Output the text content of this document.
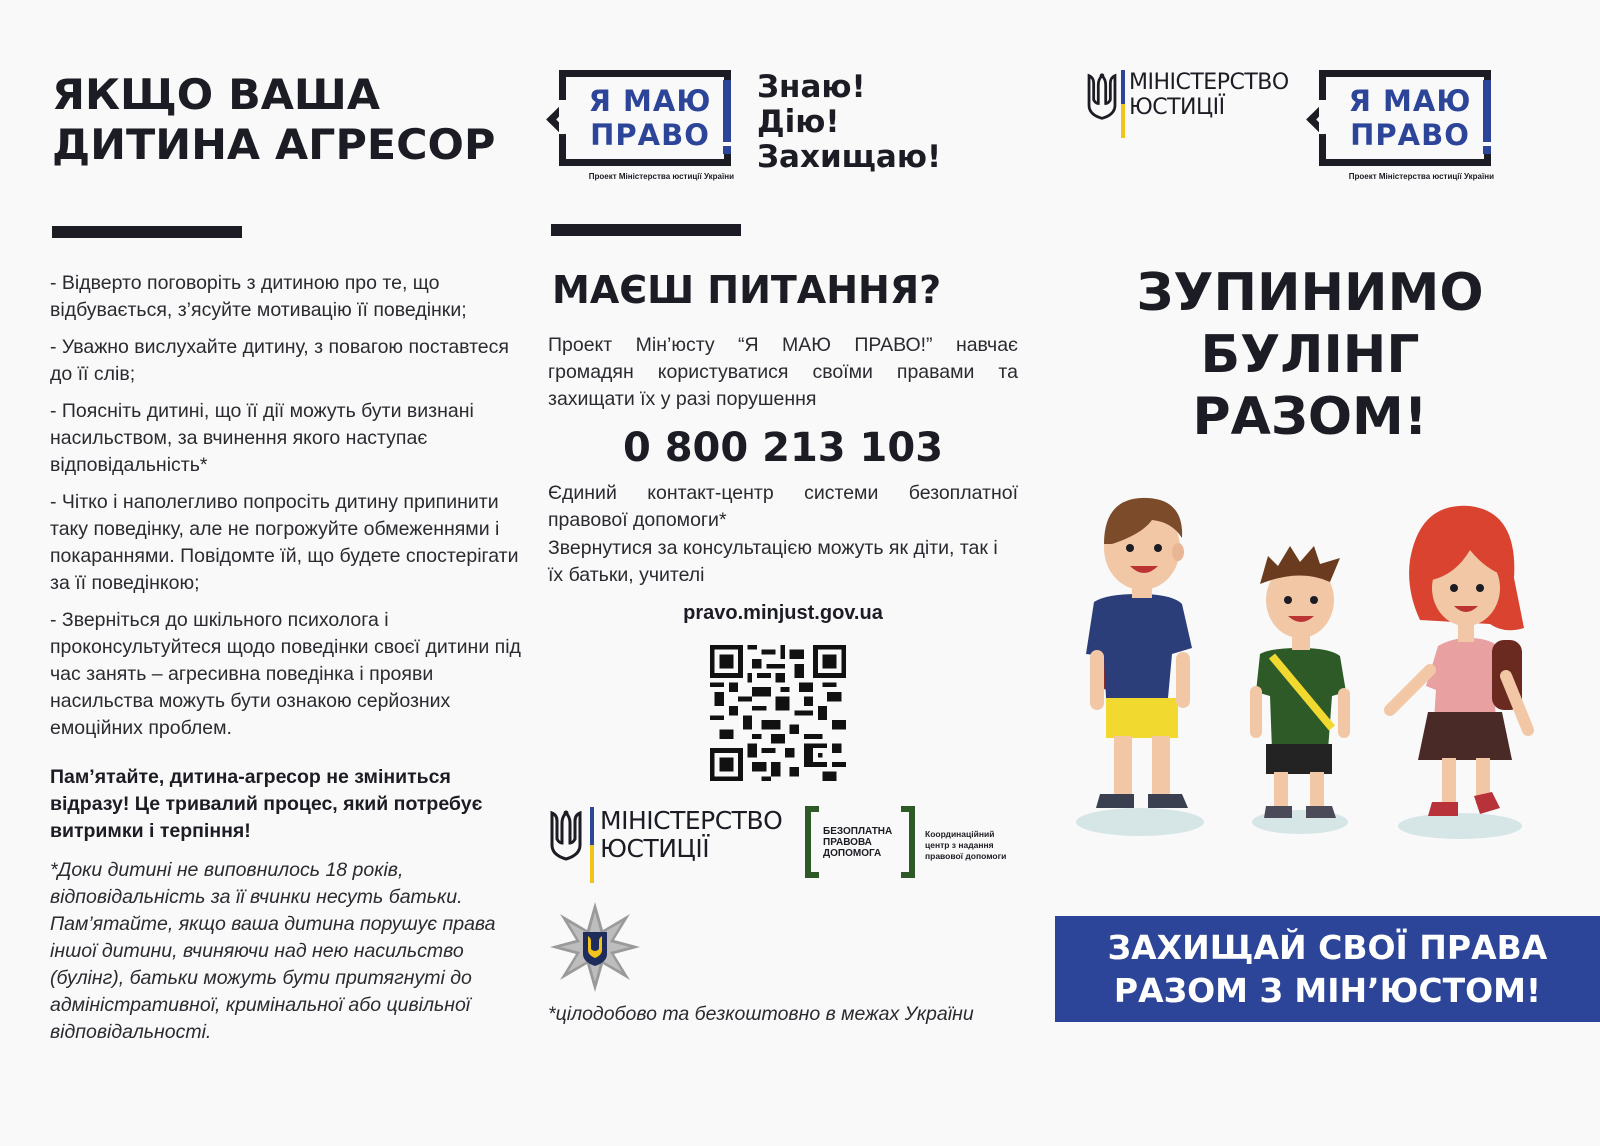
ЯКЩО ВАША
ДИТИНА АГРЕСОР
- Відверто поговоріть з дитиною про те, що відбувається, з’ясуйте мотивацію її поведінки;
- Уважно вислухайте дитину, з повагою поставтеся до її слів;
- Поясніть дитині, що її дії можуть бути визнані насильством, за вчинення якого наступає відповідальність*
- Чітко і наполегливо попросіть дитину припинити таку поведінку, але не погрожуйте обмеженнями і покараннями. Повідомте їй, що будете спостерігати за її поведінкою;
- Зверніться до шкільного психолога і проконсультуйтеся щодо поведінки своєї дитини під час занять – агресивна поведінка і прояви насильства можуть бути ознакою серйозних емоційних проблем.

Пам’ятайте, дитина-агресор не зміниться відразу! Це тривалий процес, який потребує витримки і терпіння!

*Доки дитині не виповнилось 18 років, відповідальність за її вчинки несуть батьки. Пам’ятайте, якщо ваша дитина порушує права іншої дитини, вчиняючи над нею насильство (булінг), батьки можуть бути притягнуті до адміністративної, кримінальної або цивільної відповідальності.

Я МАЮ
ПРАВО
Проект Міністерства юстиції України
Знаю!
Дію!
Захищаю!
МАЄШ ПИТАННЯ?

Проект Мін’юсту “Я МАЮ ПРАВО!” навчає громадян користуватися своїми правами та захищати їх у разі порушення

0 800 213 103

Єдиний контакт-центр системи безоплатної правової допомоги*

Звернутися за консультацією можуть як діти, так і їх батьки, учителі

pravo.minjust.gov.ua

МІНІСТЕРСТВО
ЮСТИЦІЇ
БЕЗОПЛАТНА
ПРАВОВА
ДОПОМОГА
Координаційний
центр з надання
правової допомоги

*цілодобово та безкоштовно в межах України

МІНІСТЕРСТВО
ЮСТИЦІЇ	Я МАЮ
ПРАВО
Проект Міністерства юстиції України
ЗУПИНИМО
БУЛІНГ
РАЗОМ!
ЗАХИЩАЙ СВОЇ ПРАВА
РАЗОМ З МІН’ЮСТОМ!
